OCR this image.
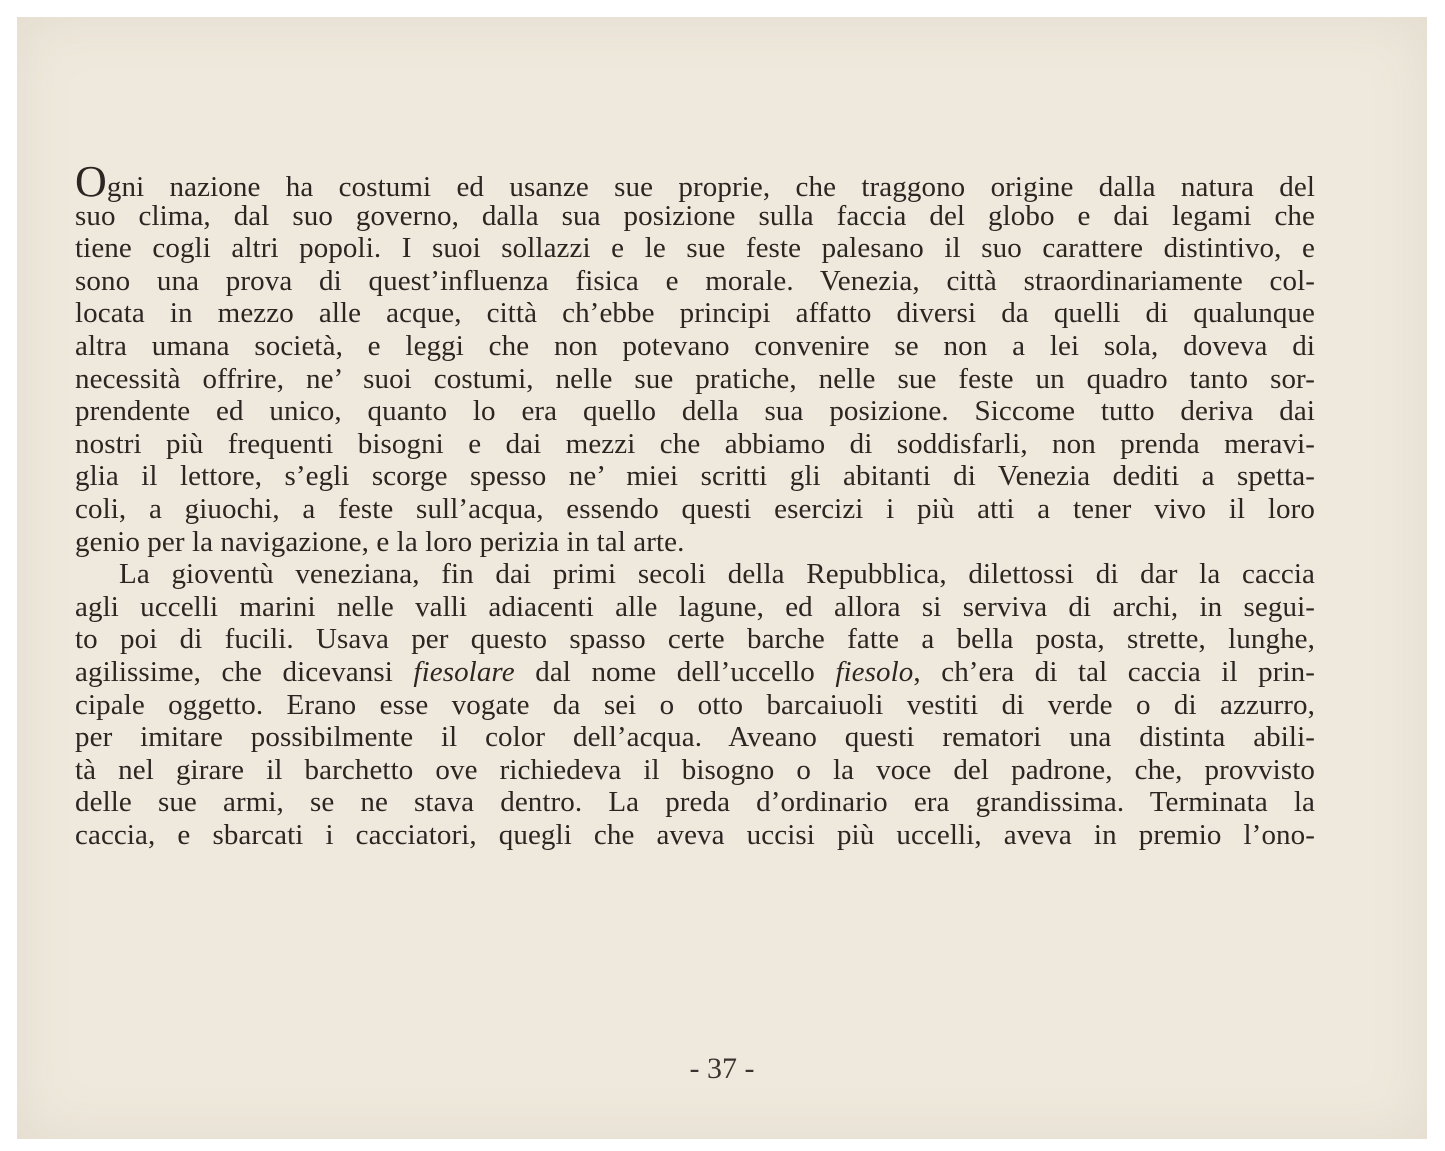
Ogni nazione ha costumi ed usanze sue proprie, che traggono origine dalla natura del
suo clima, dal suo governo, dalla sua posizione sulla faccia del globo e dai legami che
tiene cogli altri popoli. I suoi sollazzi e le sue feste palesano il suo carattere distintivo, e
sono una prova di quest’influenza fisica e morale. Venezia, città straordinariamente col-
locata in mezzo alle acque, città ch’ebbe principi affatto diversi da quelli di qualunque
altra umana società, e leggi che non potevano convenire se non a lei sola, doveva di
necessità offrire, ne’ suoi costumi, nelle sue pratiche, nelle sue feste un quadro tanto sor-
prendente ed unico, quanto lo era quello della sua posizione. Siccome tutto deriva dai
nostri più frequenti bisogni e dai mezzi che abbiamo di soddisfarli, non prenda meravi-
glia il lettore, s’egli scorge spesso ne’ miei scritti gli abitanti di Venezia dediti a spetta-
coli, a giuochi, a feste sull’acqua, essendo questi esercizi i più atti a tener vivo il loro
genio per la navigazione, e la loro perizia in tal arte.
La gioventù veneziana, fin dai primi secoli della Repubblica, dilettossi di dar la caccia
agli uccelli marini nelle valli adiacenti alle lagune, ed allora si serviva di archi, in segui-
to poi di fucili. Usava per questo spasso certe barche fatte a bella posta, strette, lunghe,
agilissime, che dicevansi fiesolare dal nome dell’uccello fiesolo, ch’era di tal caccia il prin-
cipale oggetto. Erano esse vogate da sei o otto barcaiuoli vestiti di verde o di azzurro,
per imitare possibilmente il color dell’acqua. Aveano questi rematori una distinta abili-
tà nel girare il barchetto ove richiedeva il bisogno o la voce del padrone, che, provvisto
delle sue armi, se ne stava dentro. La preda d’ordinario era grandissima. Terminata la
caccia, e sbarcati i cacciatori, quegli che aveva uccisi più uccelli, aveva in premio l’ono-
- 37 -
